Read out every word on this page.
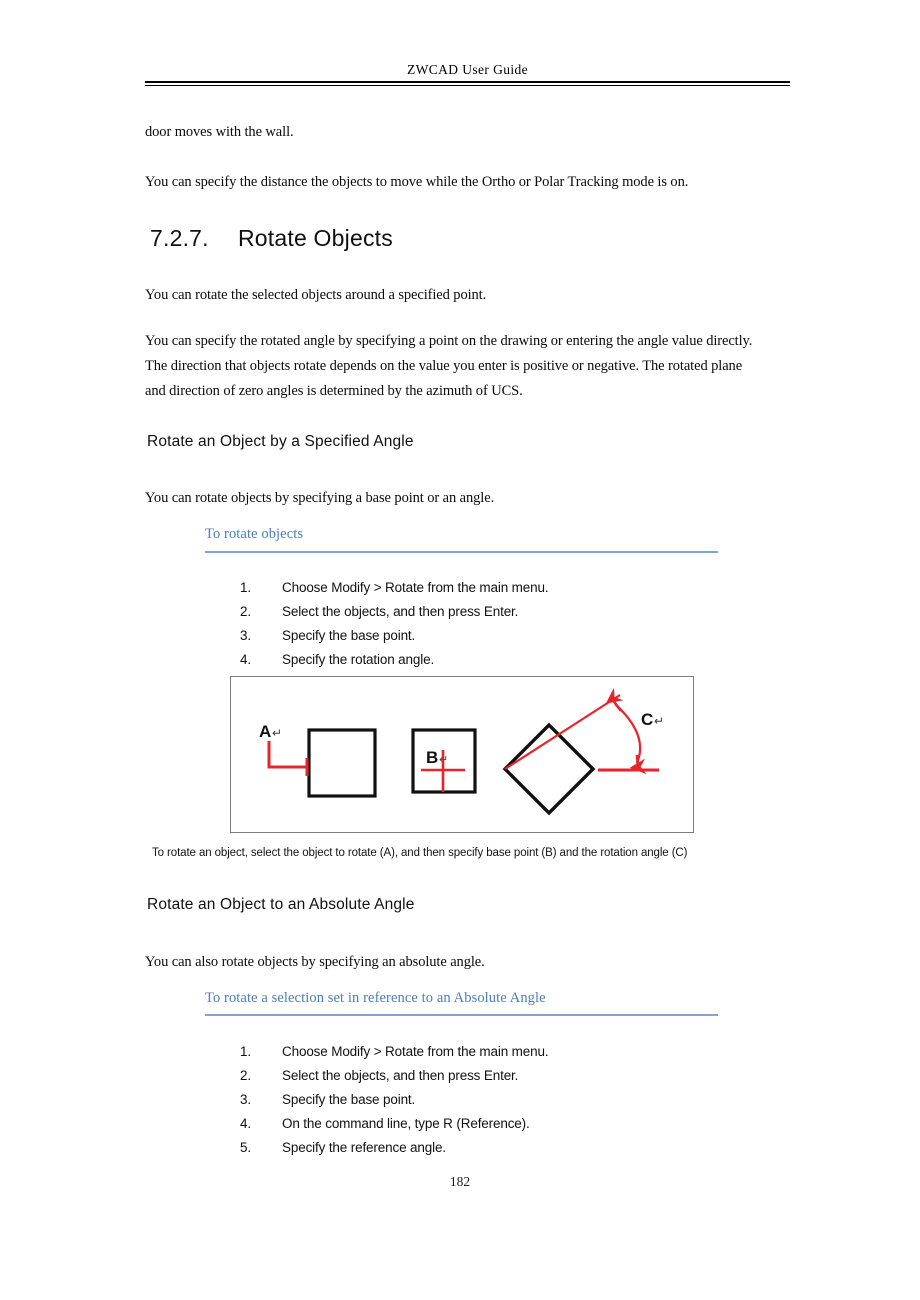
ZWCAD User Guide
door moves with the wall.
You can specify the distance the objects to move while the Ortho or Polar Tracking mode is on.
7.2.7. Rotate Objects
You can rotate the selected objects around a specified point.
You can specify the rotated angle by specifying a point on the drawing or entering the angle value directly.
The direction that objects rotate depends on the value you enter is positive or negative. The rotated plane
and direction of zero angles is determined by the azimuth of UCS.
Rotate an Object by a Specified Angle
You can rotate objects by specifying a base point or an angle.
To rotate objects
1.	Choose Modify > Rotate from the main menu.
2.	Select the objects, and then press Enter.
3.	Specify the base point.
4.	Specify the rotation angle.
A ↵
B ↵
C ↵
To rotate an object, select the object to rotate (A), and then specify base point (B) and the rotation angle (C)
Rotate an Object to an Absolute Angle
You can also rotate objects by specifying an absolute angle.
To rotate a selection set in reference to an Absolute Angle
1.	Choose Modify > Rotate from the main menu.
2.	Select the objects, and then press Enter.
3.	Specify the base point.
4.	On the command line, type R (Reference).
5.	Specify the reference angle.
182
